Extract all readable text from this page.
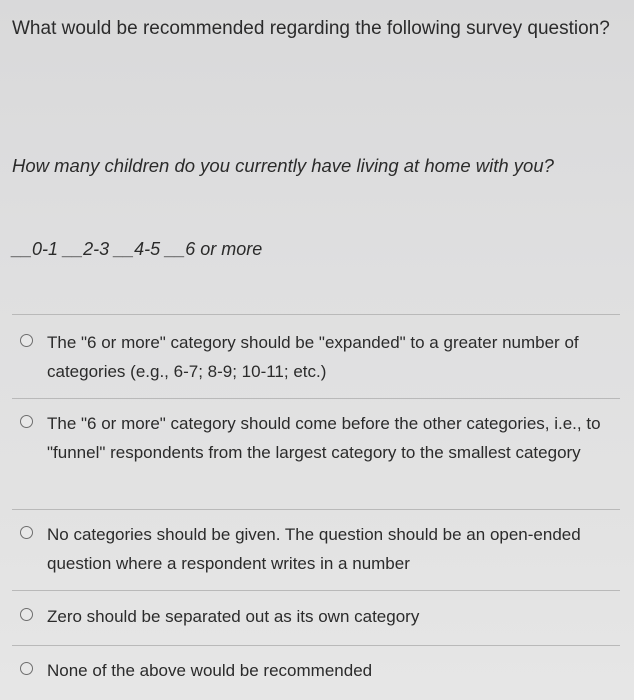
What would be recommended regarding the following survey question?
How many children do you currently have living at home with you?
__0-1 __2-3 __4-5 __6 or more
The "6 or more" category should be "expanded" to a greater number of categories (e.g., 6-7; 8-9; 10-11; etc.)
The "6 or more" category should come before the other categories, i.e., to "funnel" respondents from the largest category to the smallest category
No categories should be given. The question should be an open-ended question where a respondent writes in a number
Zero should be separated out as its own category
None of the above would be recommended
